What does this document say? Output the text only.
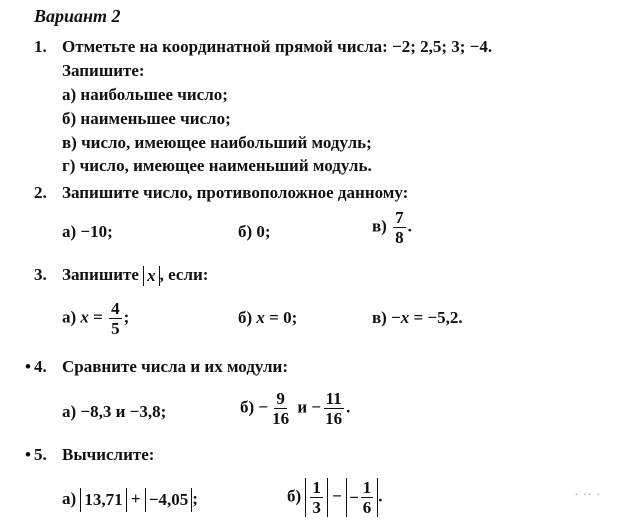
Вариант 2
1. Отметьте на координатной прямой числа: −2; 2,5; 3; −4.
Запишите:
а) наибольшее число;
б) наименьшее число;
в) число, имеющее наибольший модуль;
г) число, имеющее наименьший модуль.
2. Запишите число, противоположное данному:
а) −10;	б) 0;	$в) \frac{7}{8}$ .
3. Запишите x , если:
а) $x = \frac{4}{5}$ ;	б) x = 0;	в) −x = −5,2.
• 4. Сравните числа и их модули:
а) −8,3 и −3,8;	$б) - \frac{9}{16}$ $и - \frac{11}{16}$ .
• 5. Вычислите:
а) 13,71 + −4,05 ;	$б) \frac{1}{3}$ − − $\frac{1}{6}$ .	· ·· ·
